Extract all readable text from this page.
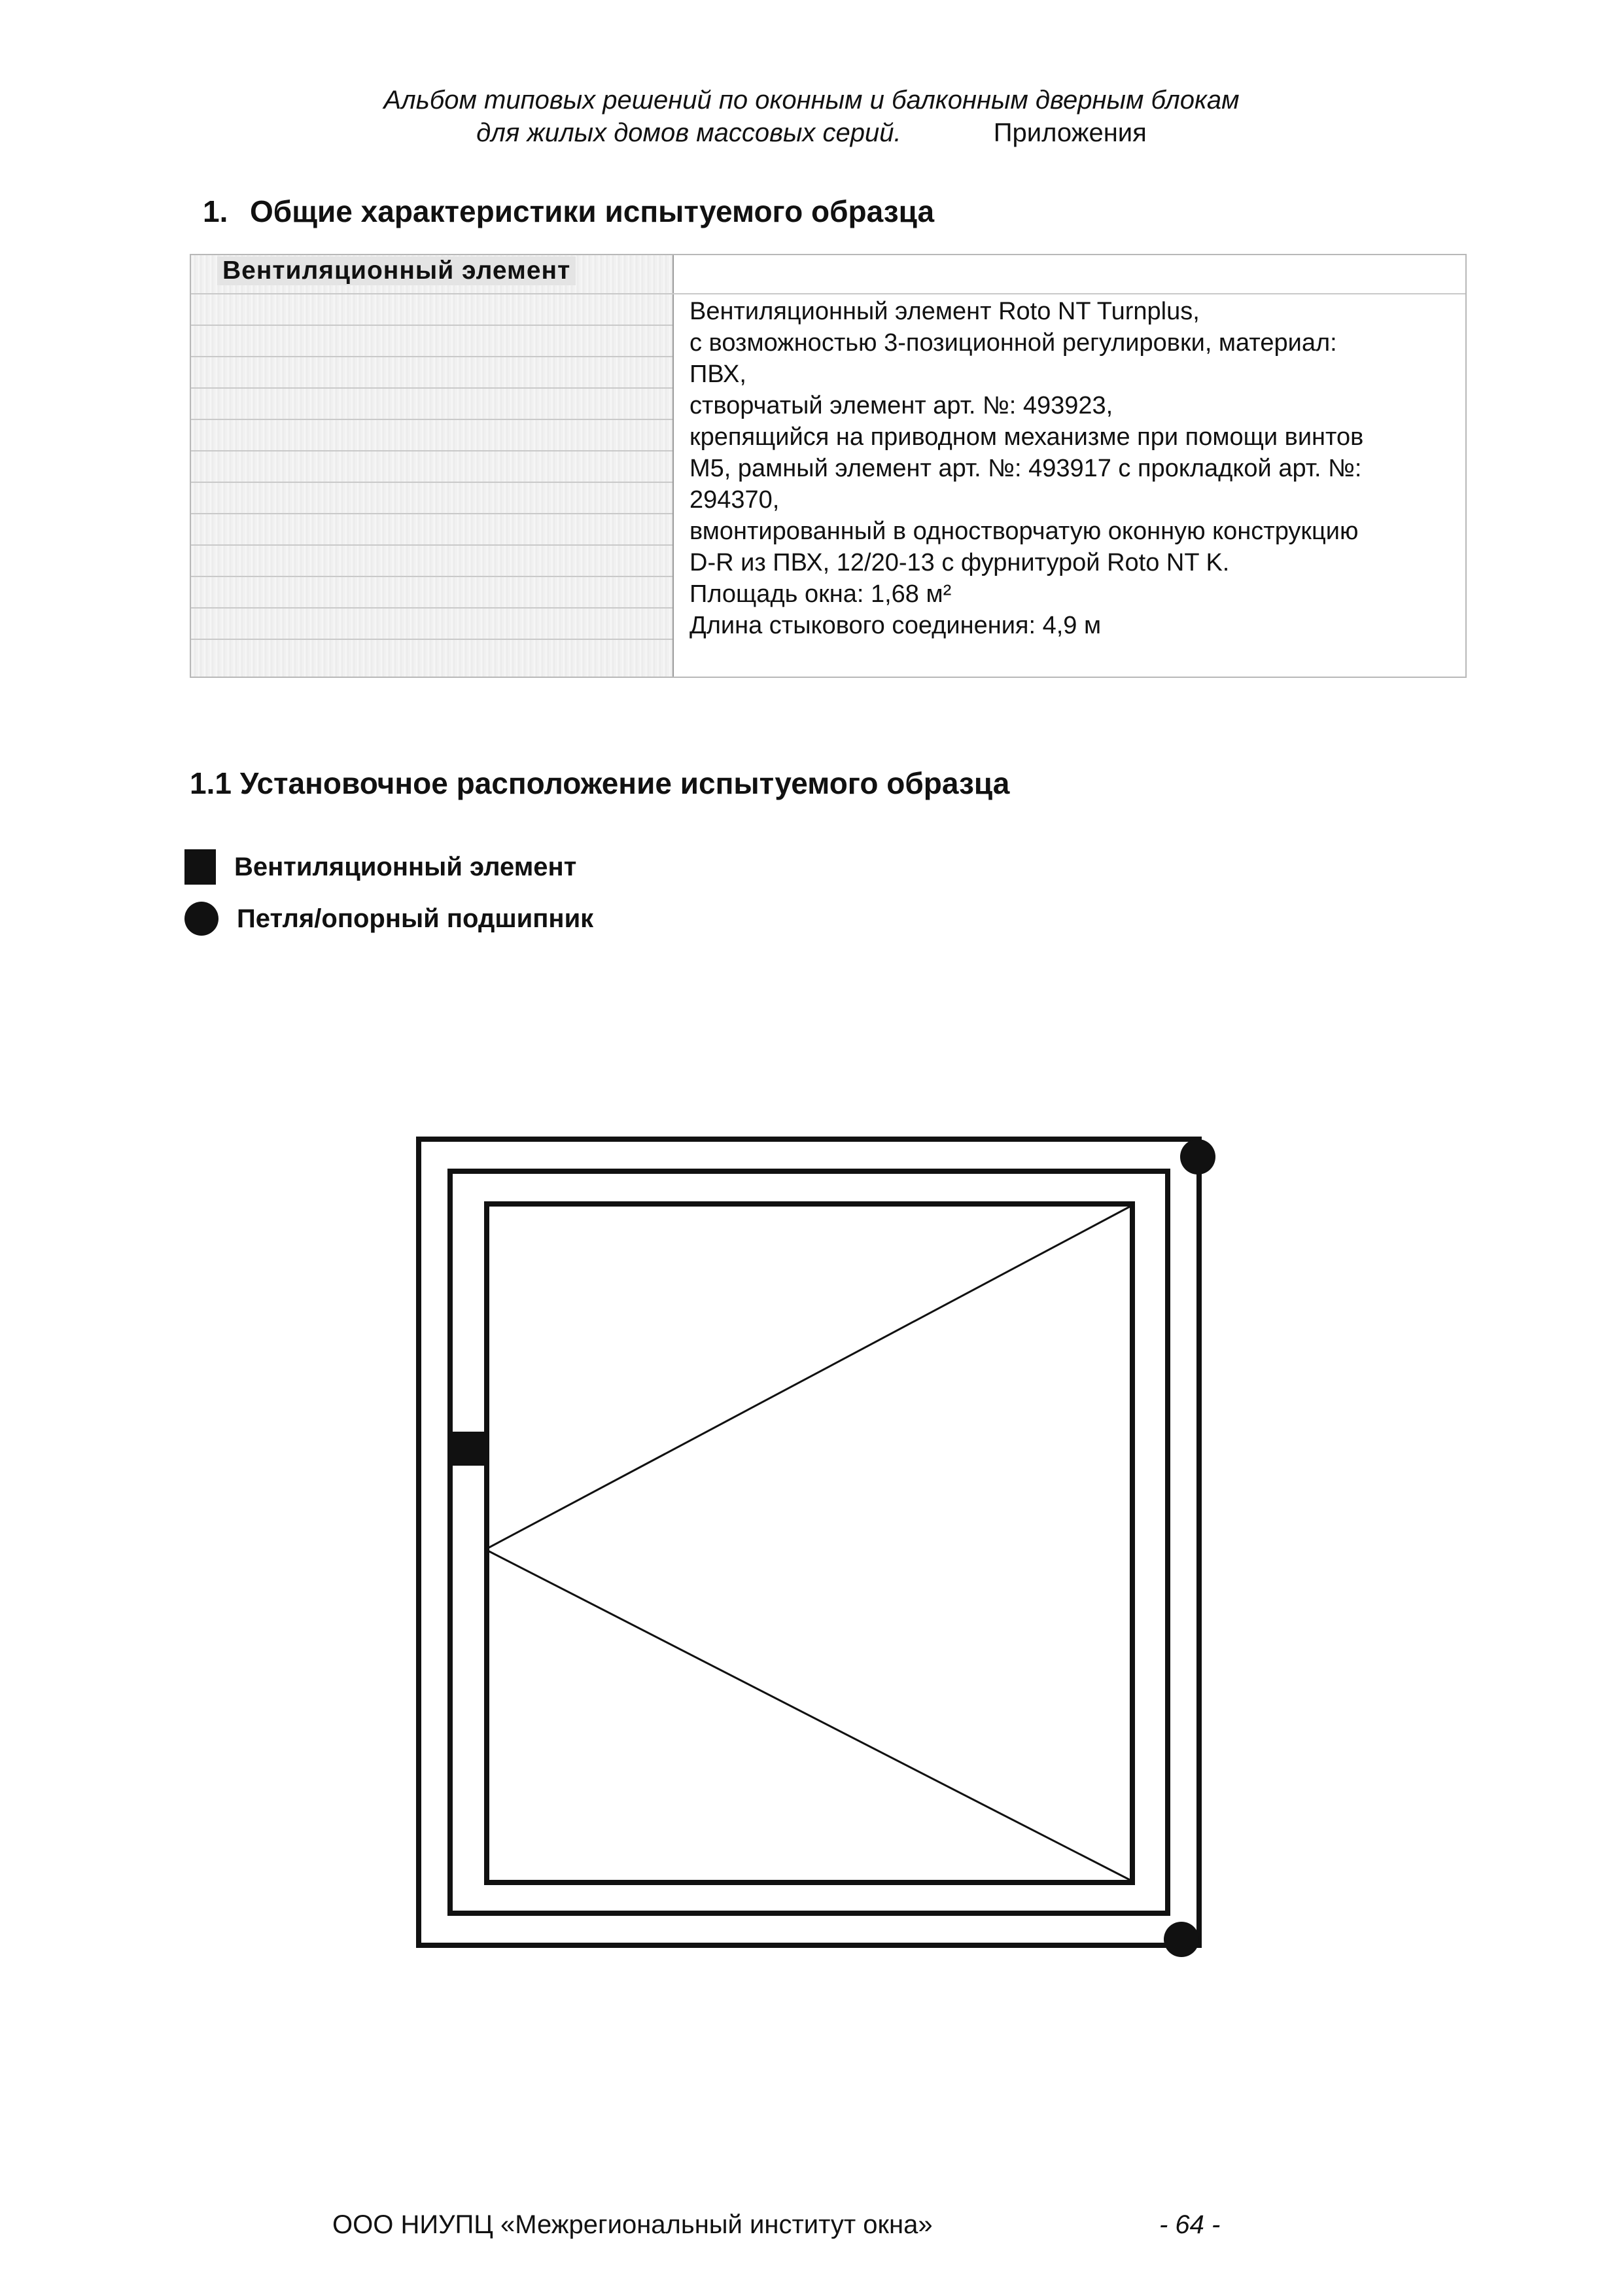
Альбом типовых решений по оконным и балконным дверным блокам
для жилых домов массовых серий.	Приложения
1. Общие характеристики испытуемого образца
Вентиляционный элемент
Вентиляционный элемент Roto NT Turnplus,
с возможностью 3-позиционной регулировки, материал:
ПВХ,
створчатый элемент арт. №: 493923,
крепящийся на приводном механизме при помощи винтов
M5, рамный элемент арт. №: 493917 с прокладкой арт. №:
294370,
вмонтированный в одностворчатую оконную конструкцию
D-R из ПВХ, 12/20-13 с фурнитурой Roto NT K.
Площадь окна: 1,68 м²
Длина стыкового соединения: 4,9 м
1.1 Установочное расположение испытуемого образца
Вентиляционный элемент
Петля/опорный подшипник
ООО НИУПЦ «Межрегиональный институт окна»	- 64 -
